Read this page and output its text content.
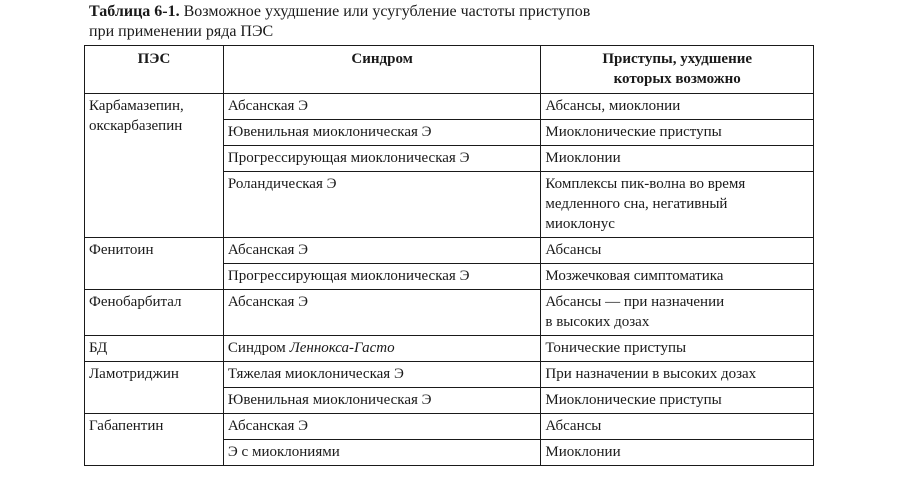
Таблица 6-1. Возможное ухудшение или усугубление частоты приступов
при применении ряда ПЭС
ПЭС	Синдром	Приступы, ухудшение
которых возможно

Карбамазепин,
окскарбазепин	Абсанская Э	Абсансы, миоклонии
	Ювенильная миоклоническая Э	Миоклонические приступы
	Прогрессирующая миоклоническая Э	Миоклонии
	Роландическая Э	Комплексы пик-волна во время
медленного сна, негативный
миоклонус

Фенитоин	Абсанская Э	Абсансы
	Прогрессирующая миоклоническая Э	Мозжечковая симптоматика
Фенобарбитал	Абсанская Э	Абсансы — при назначении
в высоких дозах

БД	Синдром Леннокса-Гасто	Тонические приступы
Ламотриджин	Тяжелая миоклоническая Э	При назначении в высоких дозах
	Ювенильная миоклоническая Э	Миоклонические приступы
Габапентин	Абсанская Э	Абсансы
	Э с миоклониями	Миоклонии
